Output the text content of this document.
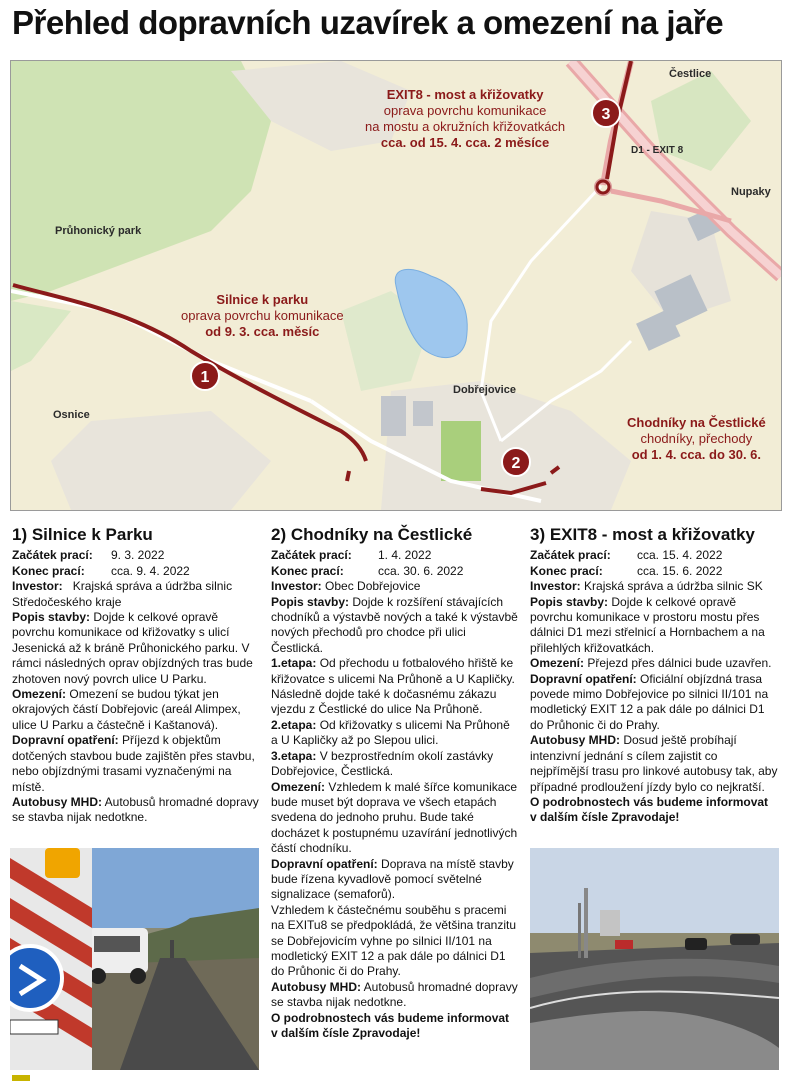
Přehled dopravních uzavírek a omezení na jaře
Čestlice
D1 - EXIT 8
Nupaky
Průhonický park
Dobřejovice
Osnice
EXIT8 - most a křižovatky
oprava povrchu komunikace
na mostu a okružních křižovatkách
cca. od 15. 4. cca. 2 měsíce
3
Silnice k parku
oprava povrchu komunikace
od 9. 3. cca. měsíc
1
Chodníky na Čestlické
chodníky, přechody
od 1. 4. cca. do 30. 6.
2
1) Silnice k Parku
Začátek prací:	9. 3. 2022
Konec prací:	cca. 9. 4. 2022

Investor: Krajská správa a údržba silnic Středočeského kraje

Popis stavby: Dojde k celkové opravě povrchu komunikace od křižovatky s ulicí Jesenická až k bráně Průhonického parku. V rámci následných oprav objízdných tras bude zhotoven nový povrch ulice U Parku.

Omezení: Omezení se budou týkat jen okrajových částí Dobřejovic (areál Alimpex, ulice U Parku a částečně i Kaštanová).

Dopravní opatření: Příjezd k objektům dotčených stavbou bude zajištěn přes stavbu, nebo objízdnými trasami vyznačenými na místě.

Autobusy MHD: Autobusů hromadné dopravy se stavba nijak nedotkne.

2) Chodníky na Čestlické
Začátek prací:	1. 4. 2022
Konec prací:	cca. 30. 6. 2022

Investor: Obec Dobřejovice

Popis stavby: Dojde k rozšíření stávajících chodníků a výstavbě nových a také k výstavbě nových přechodů pro chodce při ulici Čestlická.

1.etapa: Od přechodu u fotbalového hřiště ke křižovatce s ulicemi Na Průhoně a U Kapličky. Následně dojde také k dočasnému zákazu vjezdu z Čestlické do ulice Na Průhoně.

2.etapa: Od křižovatky s ulicemi Na Průhoně a U Kapličky až po Slepou ulici.

3.etapa: V bezprostředním okolí zastávky Dobřejovice, Čestlická.

Omezení: Vzhledem k malé šířce komunikace bude muset být doprava ve všech etapách svedena do jednoho pruhu. Bude také docházet k postupnému uzavírání jednotlivých částí chodníku.

Dopravní opatření: Doprava na místě stavby bude řízena kyvadlově pomocí světelné signalizace (semaforů).

Vzhledem k částečnému souběhu s pracemi na EXITu8 se předpokládá, že většina tranzitu se Dobřejovicím vyhne po silnici II/101 na modletický EXIT 12 a pak dále po dálnici D1 do Průhonic či do Prahy.

Autobusy MHD: Autobusů hromadné dopravy se stavba nijak nedotkne.

O podrobnostech vás budeme informovat v dalším čísle Zpravodaje!

3) EXIT8 - most a křižovatky
Začátek prací:	cca. 15. 4. 2022
Konec prací:	cca. 15. 6. 2022

Investor: Krajská správa a údržba silnic SK

Popis stavby: Dojde k celkové opravě povrchu komunikace v prostoru mostu přes dálnici D1 mezi střelnicí a Hornbachem a na přilehlých křižovatkách.

Omezení: Přejezd přes dálnici bude uzavřen.

Dopravní opatření: Oficiální objízdná trasa povede mimo Dobřejovice po silnici II/101 na modletický EXIT 12 a pak dále po dálnici D1 do Průhonic či do Prahy.

Autobusy MHD: Dosud ještě probíhají intenzivní jednání s cílem zajistit co nejpřímější trasu pro linkové autobusy tak, aby případné prodloužení jízdy bylo co nejkratší.

O podrobnostech vás budeme informovat v dalším čísle Zpravodaje!
